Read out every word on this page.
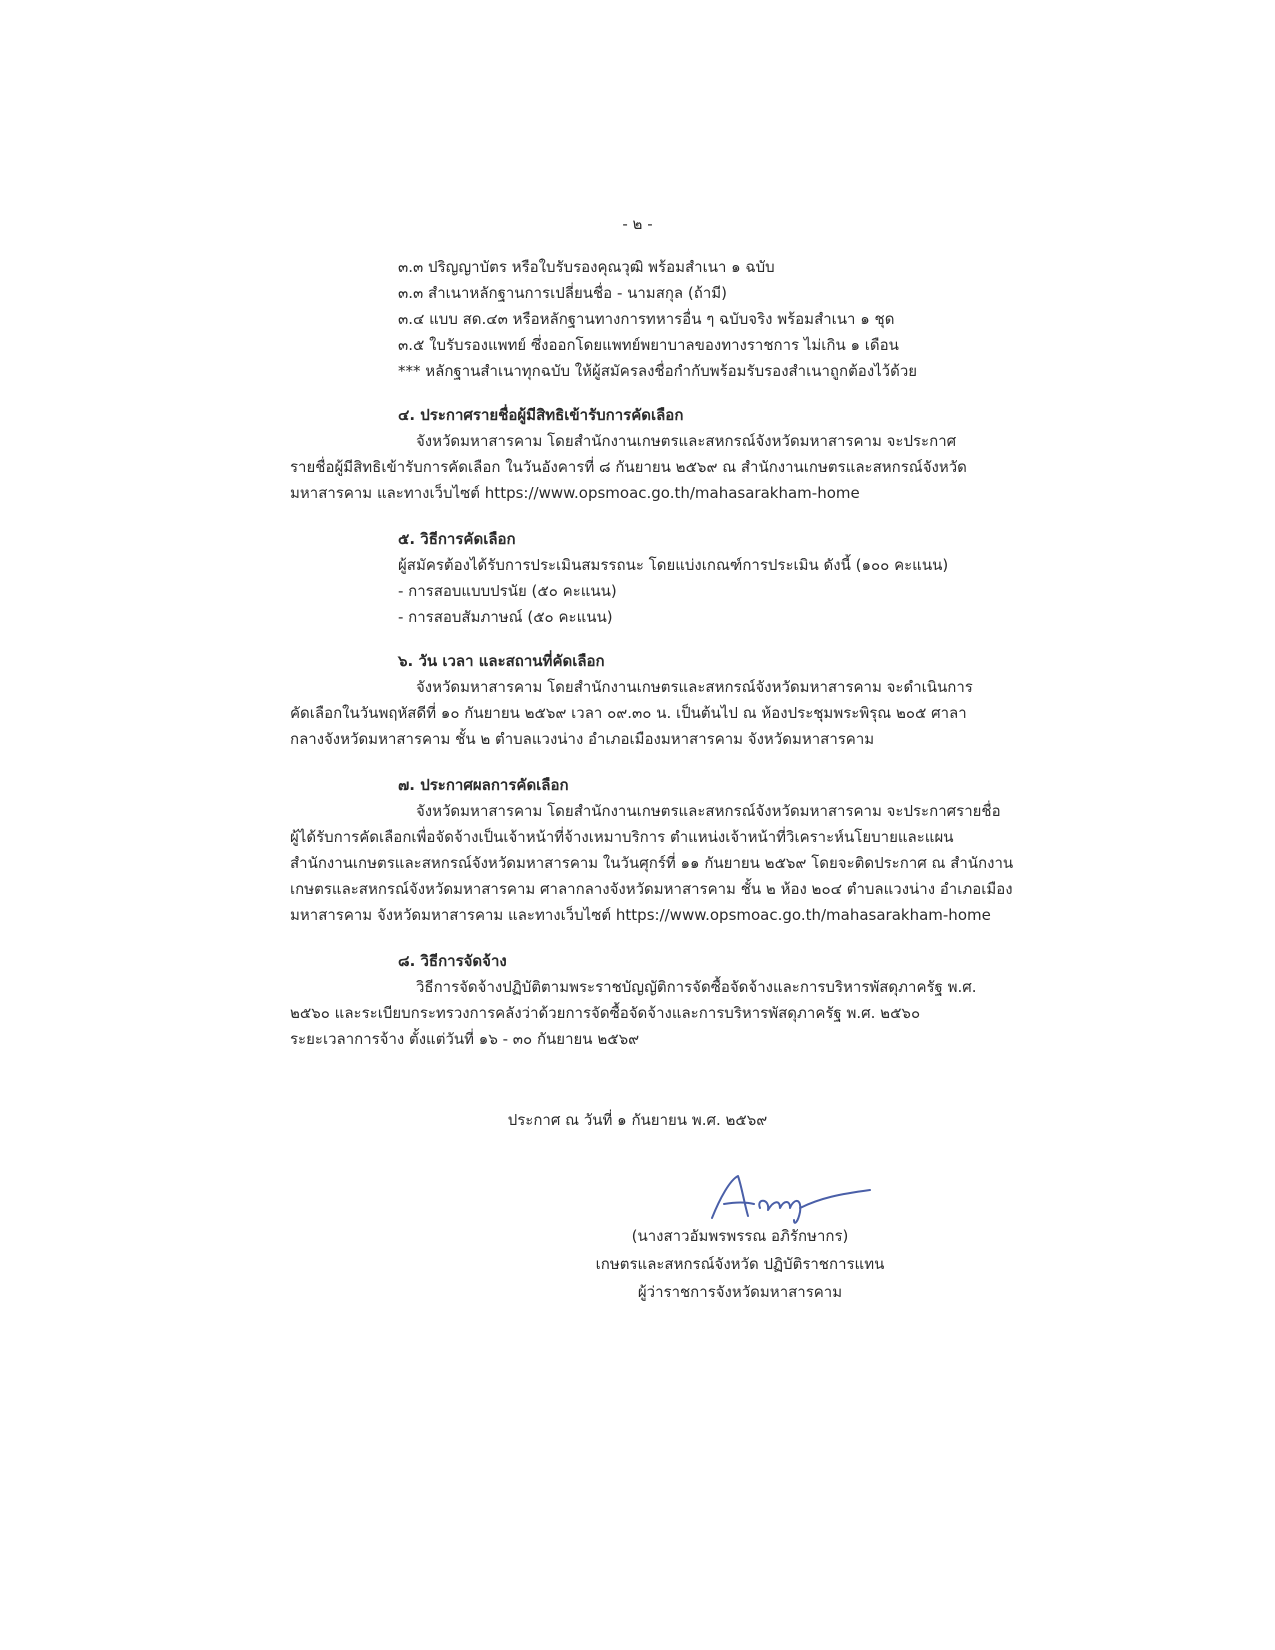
- ๒ -
๓.๓ ปริญญาบัตร หรือใบรับรองคุณวุฒิ พร้อมสำเนา ๑ ฉบับ
๓.๓ สำเนาหลักฐานการเปลี่ยนชื่อ - นามสกุล (ถ้ามี)
๓.๔ แบบ สด.๔๓ หรือหลักฐานทางการทหารอื่น ๆ ฉบับจริง พร้อมสำเนา ๑ ชุด
๓.๕ ใบรับรองแพทย์ ซึ่งออกโดยแพทย์พยาบาลของทางราชการ ไม่เกิน ๑ เดือน
*** หลักฐานสำเนาทุกฉบับ ให้ผู้สมัครลงชื่อกำกับพร้อมรับรองสำเนาถูกต้องไว้ด้วย
๔. ประกาศรายชื่อผู้มีสิทธิเข้ารับการคัดเลือก
จังหวัดมหาสารคาม โดยสำนักงานเกษตรและสหกรณ์จังหวัดมหาสารคาม จะประกาศ
รายชื่อผู้มีสิทธิเข้ารับการคัดเลือก ในวันอังคารที่ ๘ กันยายน ๒๕๖๙ ณ สำนักงานเกษตรและสหกรณ์จังหวัด
มหาสารคาม และทางเว็บไซต์ https://www.opsmoac.go.th/mahasarakham-home
๕. วิธีการคัดเลือก
ผู้สมัครต้องได้รับการประเมินสมรรถนะ โดยแบ่งเกณฑ์การประเมิน ดังนี้ (๑๐๐ คะแนน)
- การสอบแบบปรนัย (๕๐ คะแนน)
- การสอบสัมภาษณ์ (๕๐ คะแนน)
๖. วัน เวลา และสถานที่คัดเลือก
จังหวัดมหาสารคาม โดยสำนักงานเกษตรและสหกรณ์จังหวัดมหาสารคาม จะดำเนินการ
คัดเลือกในวันพฤหัสดีที่ ๑๐ กันยายน ๒๕๖๙ เวลา ๐๙.๓๐ น. เป็นต้นไป ณ ห้องประชุมพระพิรุณ ๒๐๕ ศาลา
กลางจังหวัดมหาสารคาม ชั้น ๒ ตำบลแวงน่าง อำเภอเมืองมหาสารคาม จังหวัดมหาสารคาม
๗. ประกาศผลการคัดเลือก
จังหวัดมหาสารคาม โดยสำนักงานเกษตรและสหกรณ์จังหวัดมหาสารคาม จะประกาศรายชื่อ
ผู้ได้รับการคัดเลือกเพื่อจัดจ้างเป็นเจ้าหน้าที่จ้างเหมาบริการ ตำแหน่งเจ้าหน้าที่วิเคราะห์นโยบายและแผน
สำนักงานเกษตรและสหกรณ์จังหวัดมหาสารคาม ในวันศุกร์ที่ ๑๑ กันยายน ๒๕๖๙ โดยจะติดประกาศ ณ สำนักงาน
เกษตรและสหกรณ์จังหวัดมหาสารคาม ศาลากลางจังหวัดมหาสารคาม ชั้น ๒ ห้อง ๒๐๔ ตำบลแวงน่าง อำเภอเมือง
มหาสารคาม จังหวัดมหาสารคาม และทางเว็บไซต์ https://www.opsmoac.go.th/mahasarakham-home
๘. วิธีการจัดจ้าง
วิธีการจัดจ้างปฏิบัติตามพระราชบัญญัติการจัดซื้อจัดจ้างและการบริหารพัสดุภาครัฐ พ.ศ.
๒๕๖๐ และระเบียบกระทรวงการคลังว่าด้วยการจัดซื้อจัดจ้างและการบริหารพัสดุภาครัฐ พ.ศ. ๒๕๖๐
ระยะเวลาการจ้าง ตั้งแต่วันที่ ๑๖ - ๓๐ กันยายน ๒๕๖๙
ประกาศ ณ วันที่ ๑ กันยายน พ.ศ. ๒๕๖๙
(นางสาวอัมพรพรรณ อภิรักษากร)
เกษตรและสหกรณ์จังหวัด ปฏิบัติราชการแทน
ผู้ว่าราชการจังหวัดมหาสารคาม
